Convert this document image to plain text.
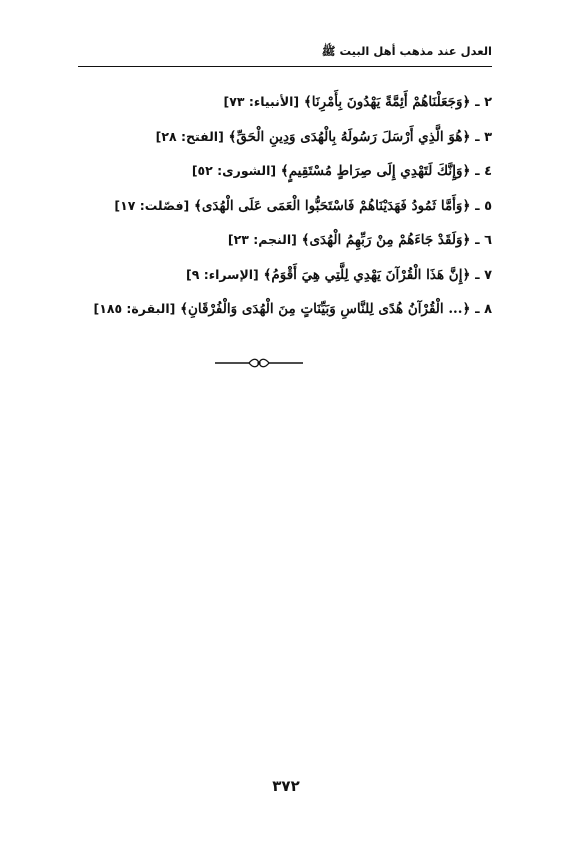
العدل عند مذهب أهل البيت ﷺ
٢ ـ ﴿وَجَعَلْنَاهُمْ أَئِمَّةً يَهْدُونَ بِأَمْرِنَا﴾ [الأنبياء: ٧٣]
٣ ـ ﴿هُوَ الَّذِي أَرْسَلَ رَسُولَهُ بِالْهُدَى وَدِينِ الْحَقِّ﴾ [الفتح: ٢٨]
٤ ـ ﴿وَإِنَّكَ لَتَهْدِي إِلَى صِرَاطٍ مُسْتَقِيمٍ﴾ [الشورى: ٥٢]
٥ ـ ﴿وَأَمَّا ثَمُودُ فَهَدَيْنَاهُمْ فَاسْتَحَبُّوا الْعَمَى عَلَى الْهُدَى﴾ [فصّلت: ١٧]
٦ ـ ﴿وَلَقَدْ جَاءَهُمْ مِنْ رَبِّهِمُ الْهُدَى﴾ [النجم: ٢٣]
٧ ـ ﴿إِنَّ هَذَا الْقُرْآنَ يَهْدِي لِلَّتِي هِيَ أَقْوَمُ﴾ [الإسراء: ٩]
٨ ـ ﴿... الْقُرْآنُ هُدًى لِلنَّاسِ وَبَيِّنَاتٍ مِنَ الْهُدَى وَالْفُرْقَانِ﴾ [البقرة: ١٨٥]
٣٧٢
